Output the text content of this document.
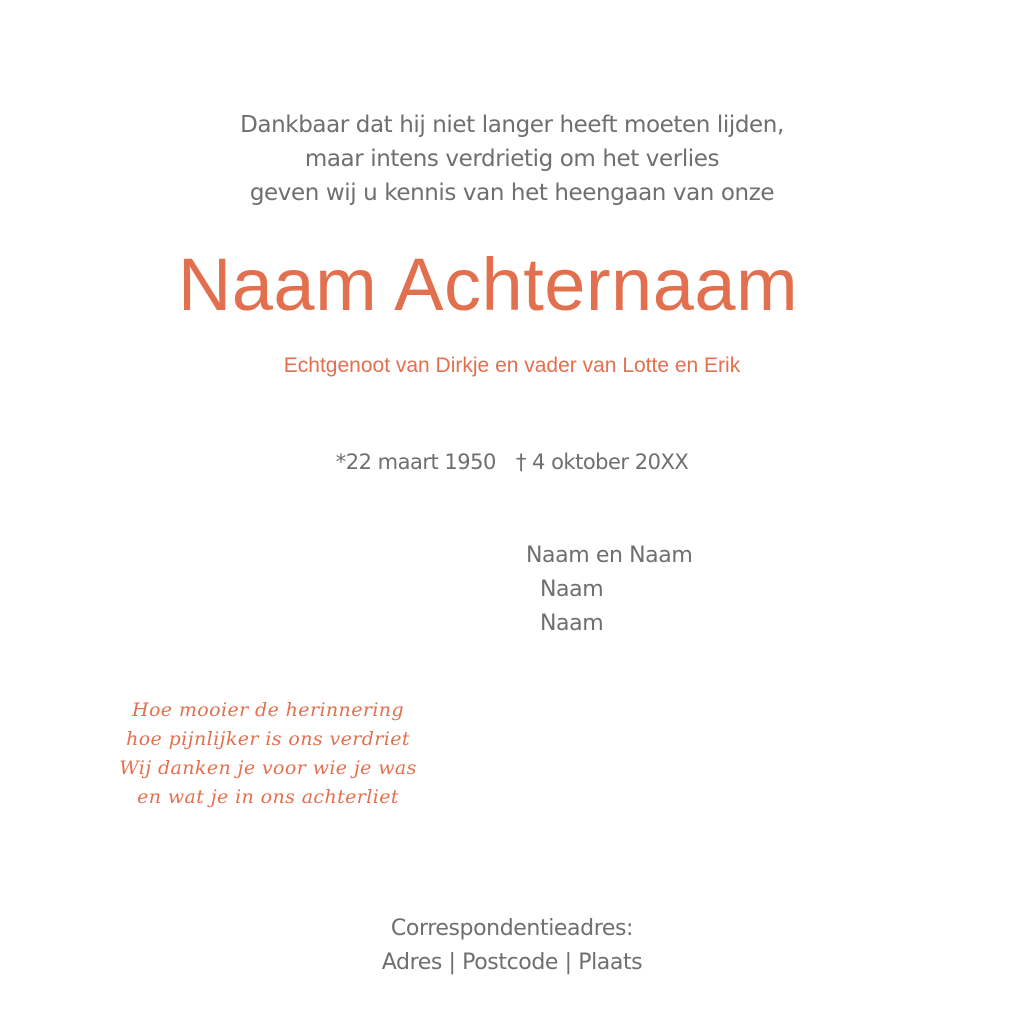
Dankbaar dat hij niet langer heeft moeten lijden,
maar intens verdrietig om het verlies
geven wij u kennis van het heengaan van onze
Naam Achternaam
Echtgenoot van Dirkje en vader van Lotte en Erik
*22 maart 1950 † 4 oktober 20XX
Naam en Naam
Naam
Naam
Hoe mooier de herinnering
hoe pijnlijker is ons verdriet
Wij danken je voor wie je was
en wat je in ons achterliet
Correspondentieadres:
Adres | Postcode | Plaats
